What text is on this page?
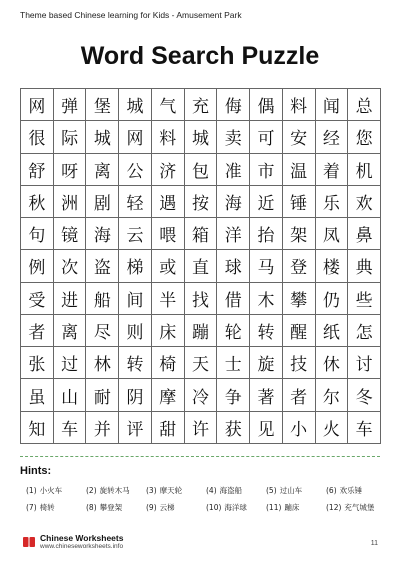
Theme based Chinese learning for Kids - Amusement Park
Word Search Puzzle
网 弹 堡 城 气 充 侮 偶 料 闻 总
很 际 城 网 料 城 卖 可 安 经 您
舒 呀 离 公 济 包 准 市 温 着 机
秋 洲 剧 轻 遇 按 海 近 锤 乐 欢
句 镜 海 云 喂 箱 洋 抬 架 凤 鼻
例 次 盗 梯 或 直 球 马 登 楼 典
受 进 船 间 半 找 借 木 攀 仍 些
者 离 尽 则 床 蹦 轮 转 醒 纸 怎
张 过 林 转 椅 天 士 旋 技 休 讨
虽 山 耐 阴 摩 冷 争 著 者 尔 冬
知 车 并 评 甜 许 获 见 小 火 车
Hints:
(1) 小火车	(2) 旋转木马	(3) 摩天轮	(4) 海盗船	(5) 过山车	(6) 欢乐锤
(7) 椅转	(8) 攀登架	(9) 云梯	(10) 海洋球	(11) 蹦床	(12) 充气城堡
Chinese Worksheets
www.chineseworksheets.info	11
